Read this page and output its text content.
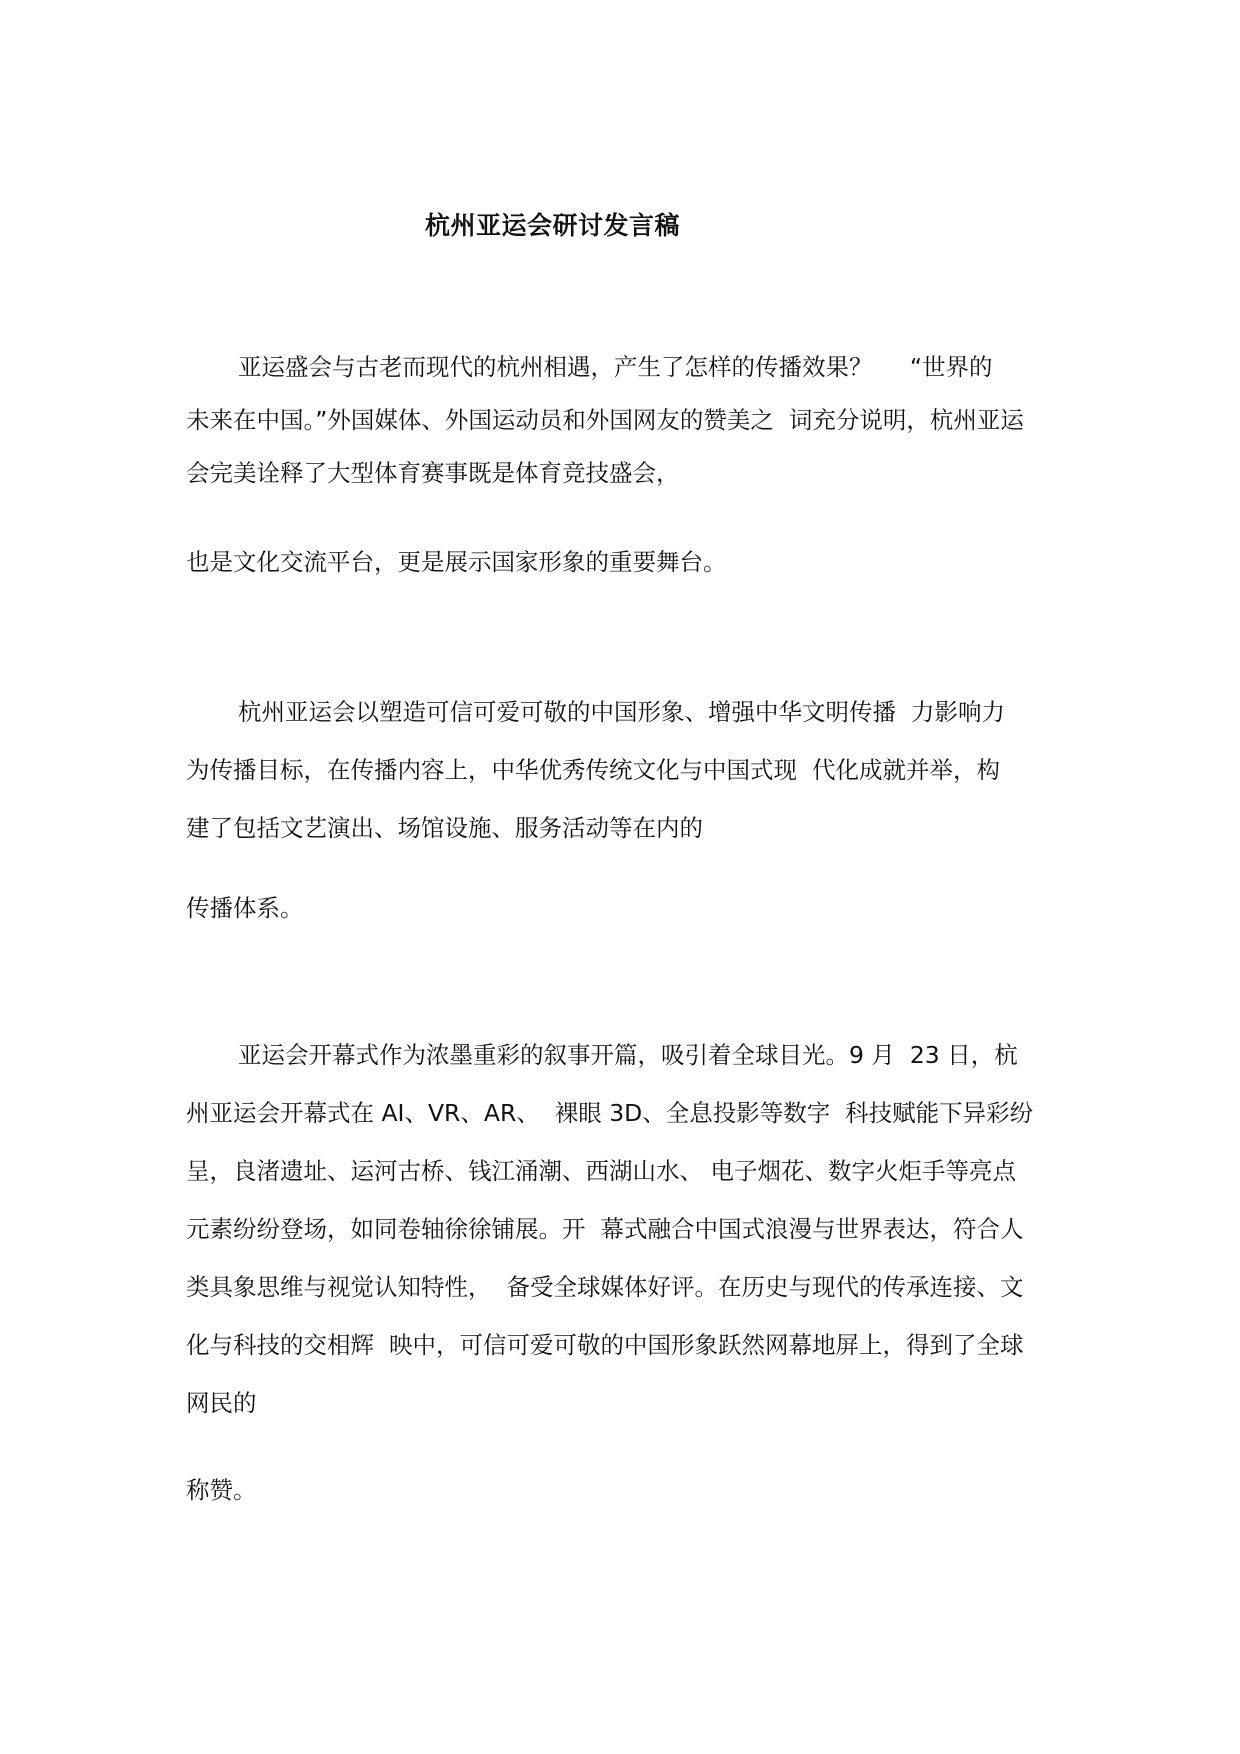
杭州亚运会研讨发言稿

亚运盛会与古老而现代的杭州相遇，产生了怎样的传播效果？     “世界的

未来在中国。”外国媒体、外国运动员和外国网友的赞美之  词充分说明，杭州亚运

会完美诠释了大型体育赛事既是体育竞技盛会，

也是文化交流平台，更是展示国家形象的重要舞台。

杭州亚运会以塑造可信可爱可敬的中国形象、增强中华文明传播  力影响力

为传播目标，在传播内容上，中华优秀传统文化与中国式现  代化成就并举，构

建了包括文艺演出、场馆设施、服务活动等在内的

传播体系。

亚运会开幕式作为浓墨重彩的叙事开篇，吸引着全球目光。9 月  23 日，杭

州亚运会开幕式在 AI、VR、AR、  裸眼 3D、全息投影等数字  科技赋能下异彩纷

呈，良渚遗址、运河古桥、钱江涌潮、西湖山水、 电子烟花、数字火炬手等亮点

元素纷纷登场，如同卷轴徐徐铺展。开  幕式融合中国式浪漫与世界表达，符合人

类具象思维与视觉认知特性，  备受全球媒体好评。在历史与现代的传承连接、文

化与科技的交相辉  映中，可信可爱可敬的中国形象跃然网幕地屏上，得到了全球

网民的

称赞。
